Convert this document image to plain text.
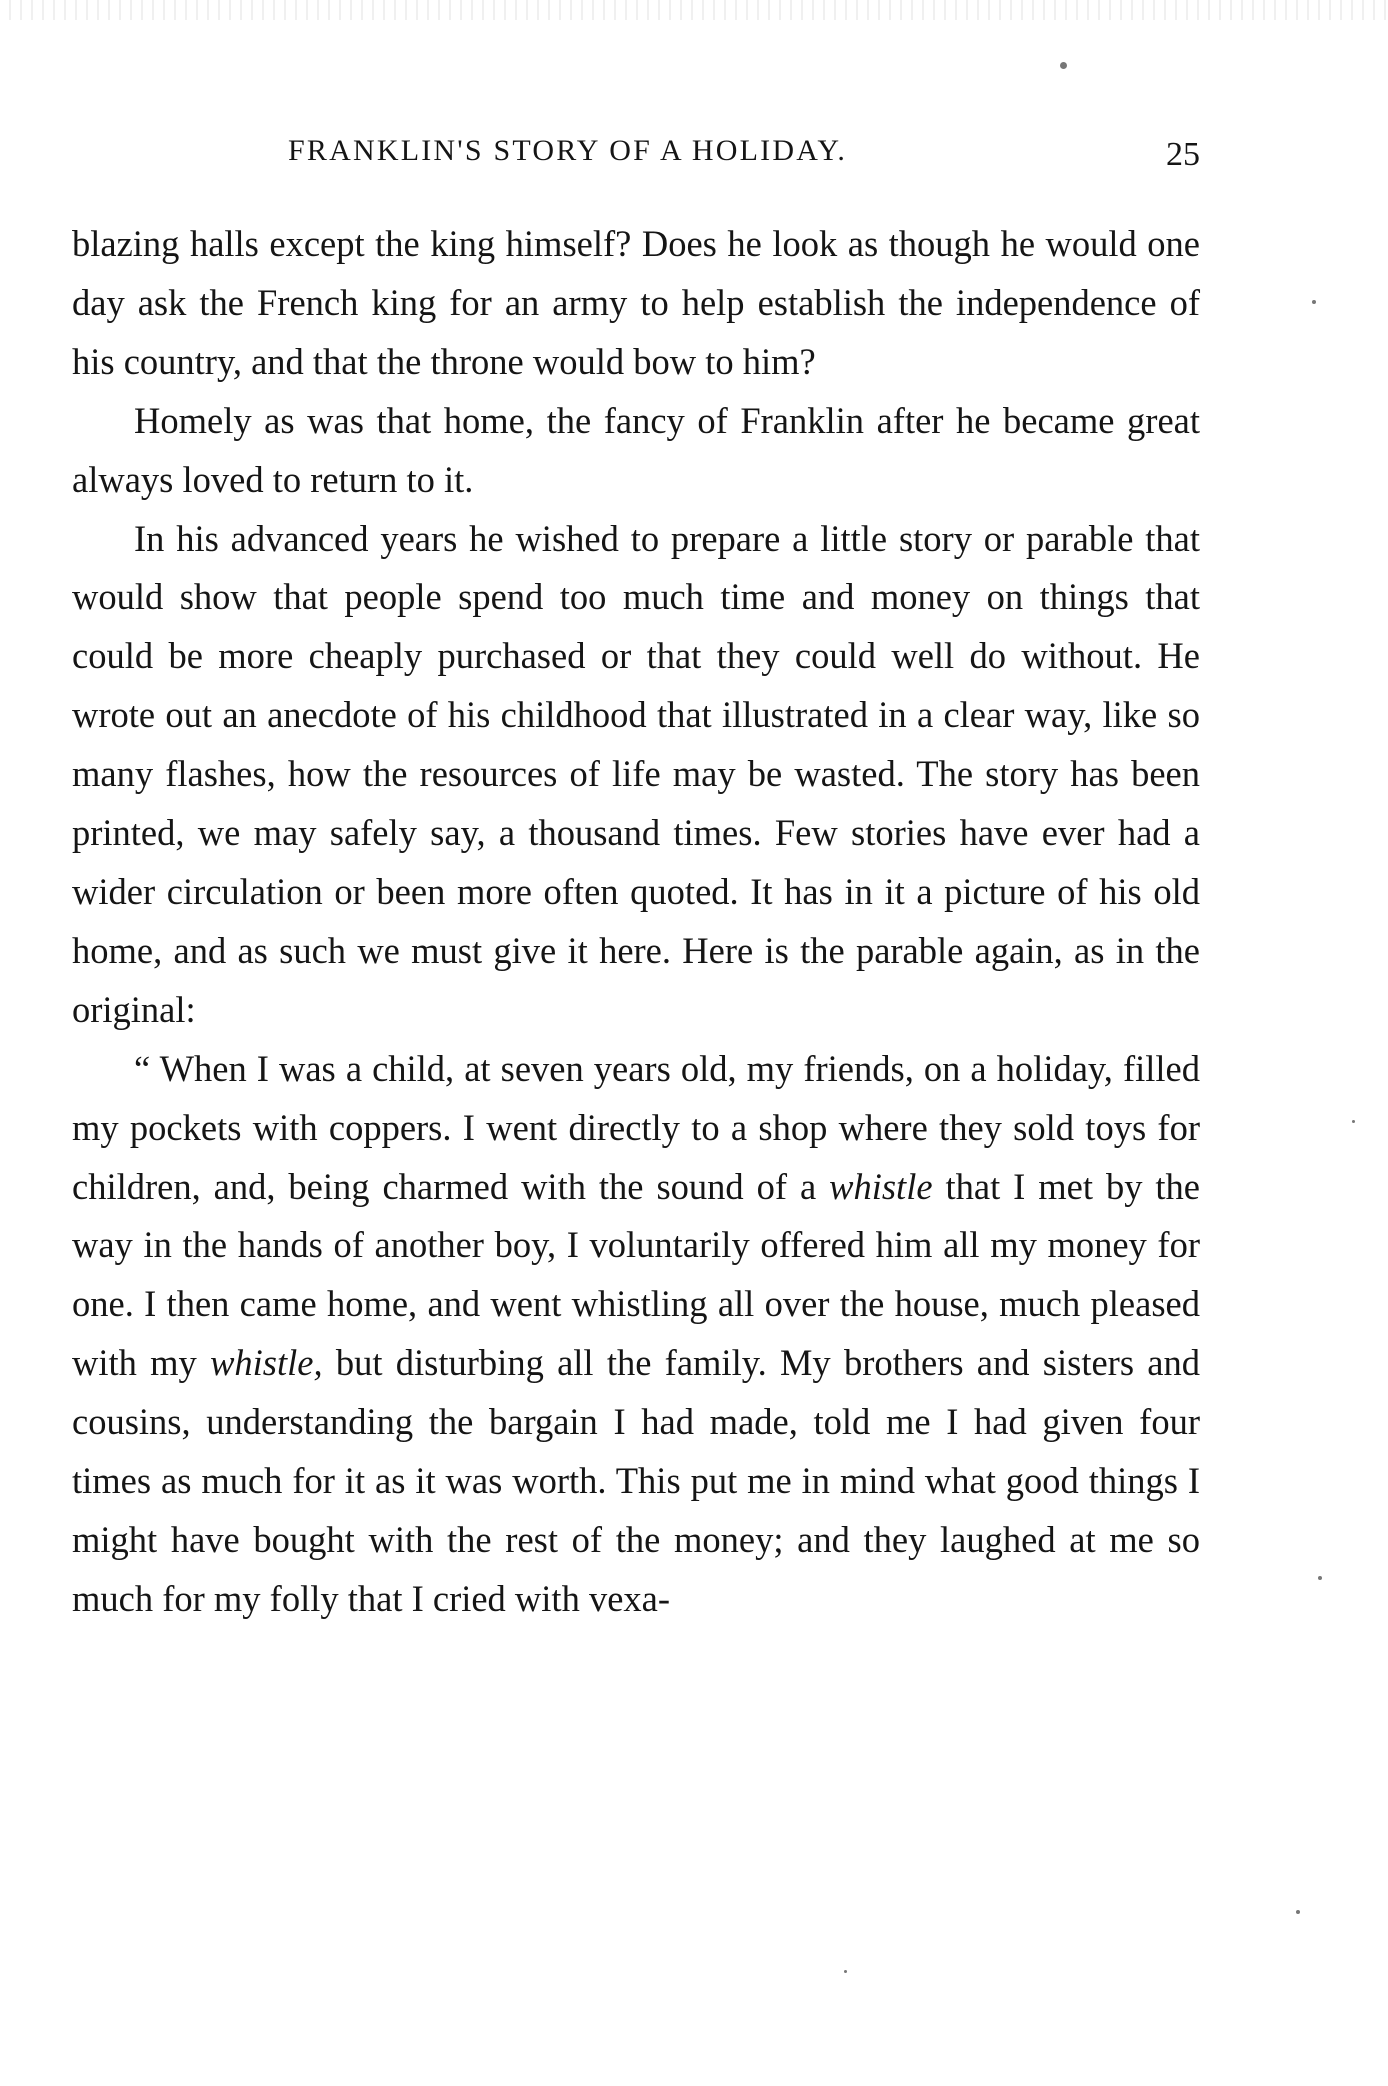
FRANKLIN'S STORY OF A HOLIDAY.	25

blazing halls except the king himself? Does he look as though he would one day ask the French king for an army to help establish the independence of his country, and that the throne would bow to him?

Homely as was that home, the fancy of Franklin after he became great always loved to return to it.

In his advanced years he wished to prepare a little story or parable that would show that people spend too much time and money on things that could be more cheaply purchased or that they could well do without. He wrote out an anecdote of his childhood that illustrated in a clear way, like so many flashes, how the resources of life may be wasted. The story has been printed, we may safely say, a thousand times. Few stories have ever had a wider circulation or been more often quoted. It has in it a picture of his old home, and as such we must give it here. Here is the parable again, as in the original:

“ When I was a child, at seven years old, my friends, on a holiday, filled my pockets with coppers. I went directly to a shop where they sold toys for children, and, being charmed with the sound of a whistle that I met by the way in the hands of another boy, I voluntarily offered him all my money for one. I then came home, and went whistling all over the house, much pleased with my whistle, but disturbing all the family. My brothers and sisters and cousins, understanding the bargain I had made, told me I had given four times as much for it as it was worth. This put me in mind what good things I might have bought with the rest of the money; and they laughed at me so much for my folly that I cried with vexa-
